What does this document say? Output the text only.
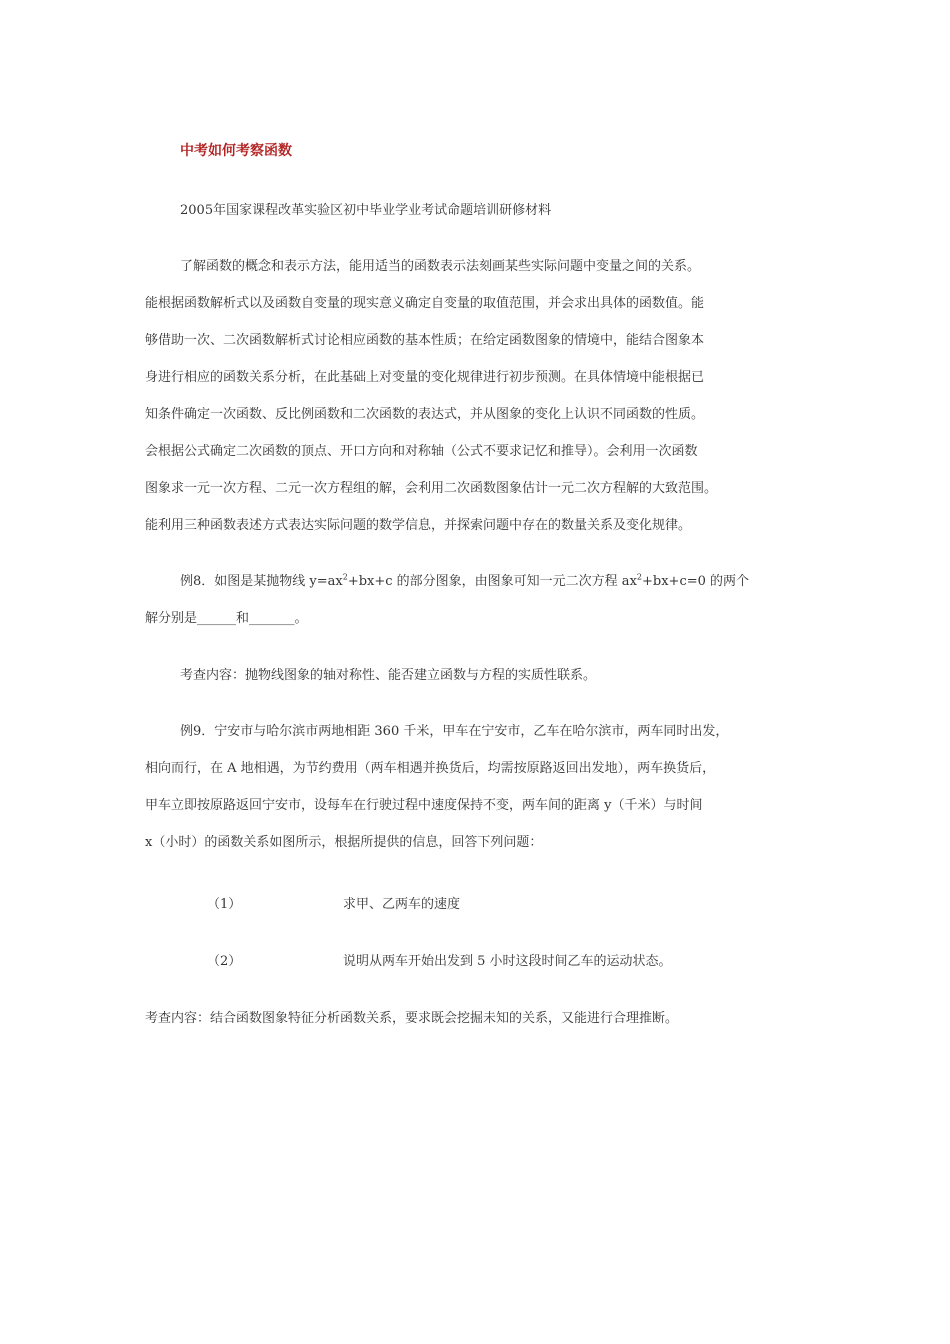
中考如何考察函数
2005年国家课程改革实验区初中毕业学业考试命题培训研修材料
了解函数的概念和表示方法，能用适当的函数表示法刻画某些实际问题中变量之间的关系。
能根据函数解析式以及函数自变量的现实意义确定自变量的取值范围，并会求出具体的函数值。能
够借助一次、二次函数解析式讨论相应函数的基本性质；在给定函数图象的情境中，能结合图象本
身进行相应的函数关系分析，在此基础上对变量的变化规律进行初步预测。在具体情境中能根据已
知条件确定一次函数、反比例函数和二次函数的表达式，并从图象的变化上认识不同函数的性质。
会根据公式确定二次函数的顶点、开口方向和对称轴（公式不要求记忆和推导）。会利用一次函数
图象求一元一次方程、二元一次方程组的解，会利用二次函数图象估计一元二次方程解的大致范围。
能利用三种函数表述方式表达实际问题的数学信息，并探索问题中存在的数量关系及变化规律。
例8．如图是某抛物线 $y=ax^2+bx+c$ 的部分图象，由图象可知一元二次方程 $ax^2+bx+c=0$ 的两个
解分别是______和_______。
考查内容：抛物线图象的轴对称性、能否建立函数与方程的实质性联系。
例9．宁安市与哈尔滨市两地相距 360 千米，甲车在宁安市，乙车在哈尔滨市，两车同时出发，
相向而行，在 A 地相遇，为节约费用（两车相遇并换货后，均需按原路返回出发地），两车换货后，
甲车立即按原路返回宁安市，设每车在行驶过程中速度保持不变，两车间的距离 y（千米）与时间
x（小时）的函数关系如图所示，根据所提供的信息，回答下列问题：
（1）	求甲、乙两车的速度
（2）	说明从两车开始出发到 5 小时这段时间乙车的运动状态。
考查内容：结合函数图象特征分析函数关系，要求既会挖掘未知的关系，又能进行合理推断。
